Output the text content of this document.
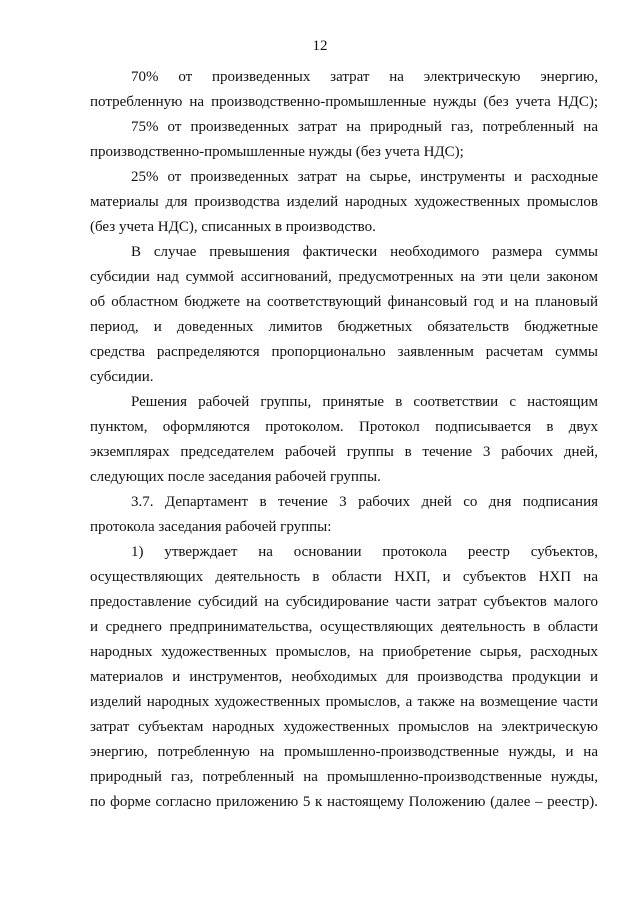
12

70% от произведенных затрат на электрическую энергию,
потребленную на производственно-промышленные нужды (без учета НДС);

75% от произведенных затрат на природный газ, потребленный на
производственно-промышленные нужды (без учета НДС);

25% от произведенных затрат на сырье, инструменты и расходные
материалы для производства изделий народных художественных промыслов
(без учета НДС), списанных в производство.

В случае превышения фактически необходимого размера суммы
субсидии над суммой ассигнований, предусмотренных на эти цели законом
об областном бюджете на соответствующий финансовый год и на плановый
период, и доведенных лимитов бюджетных обязательств бюджетные
средства распределяются пропорционально заявленным расчетам суммы
субсидии.

Решения рабочей группы, принятые в соответствии с настоящим
пунктом, оформляются протоколом. Протокол подписывается в двух
экземплярах председателем рабочей группы в течение 3 рабочих дней,
следующих после заседания рабочей группы.

3.7. Департамент в течение 3 рабочих дней со дня подписания
протокола заседания рабочей группы:

1) утверждает на основании протокола реестр субъектов,
осуществляющих деятельность в области НХП, и субъектов НХП на
предоставление субсидий на субсидирование части затрат субъектов малого
и среднего предпринимательства, осуществляющих деятельность в области
народных художественных промыслов, на приобретение сырья, расходных
материалов и инструментов, необходимых для производства продукции и
изделий народных художественных промыслов, а также на возмещение части
затрат субъектам народных художественных промыслов на электрическую
энергию, потребленную на промышленно-производственные нужды, и на
природный газ, потребленный на промышленно-производственные нужды,
по форме согласно приложению 5 к настоящему Положению (далее – реестр).
